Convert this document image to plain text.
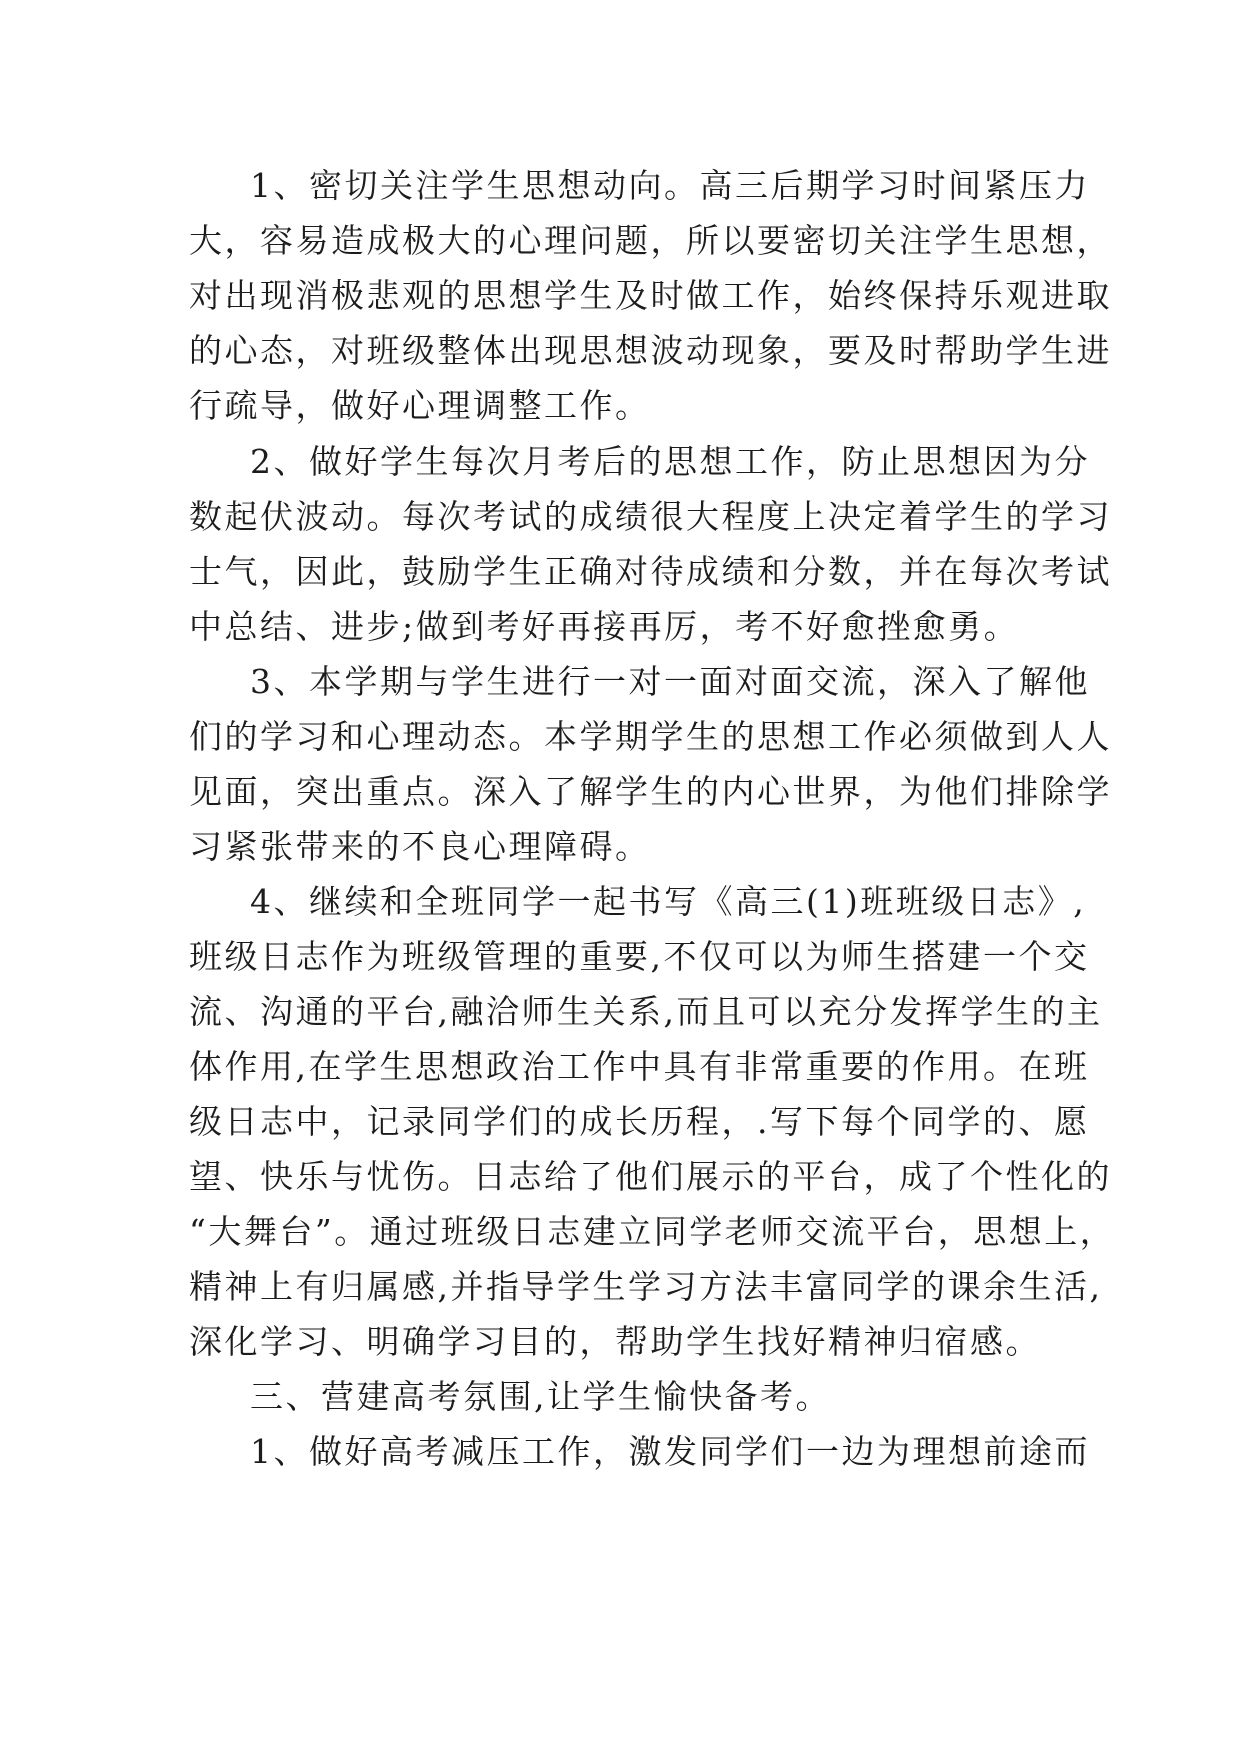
1、密切关注学生思想动向。高三后期学习时间紧压力
大，容易造成极大的心理问题，所以要密切关注学生思想，
对出现消极悲观的思想学生及时做工作，始终保持乐观进取
的心态，对班级整体出现思想波动现象，要及时帮助学生进
行疏导，做好心理调整工作。
2、做好学生每次月考后的思想工作，防止思想因为分
数起伏波动。每次考试的成绩很大程度上决定着学生的学习
士气，因此，鼓励学生正确对待成绩和分数，并在每次考试
中总结、进步;做到考好再接再厉，考不好愈挫愈勇。
3、本学期与学生进行一对一面对面交流，深入了解他
们的学习和心理动态。本学期学生的思想工作必须做到人人
见面，突出重点。深入了解学生的内心世界，为他们排除学
习紧张带来的不良心理障碍。
4、继续和全班同学一起书写《高三(1)班班级日志》,
班级日志作为班级管理的重要,不仅可以为师生搭建一个交
流、沟通的平台,融洽师生关系,而且可以充分发挥学生的主
体作用,在学生思想政治工作中具有非常重要的作用。在班
级日志中，记录同学们的成长历程，.写下每个同学的、愿
望、快乐与忧伤。日志给了他们展示的平台，成了个性化的
“大舞台”。通过班级日志建立同学老师交流平台，思想上，
精神上有归属感,并指导学生学习方法丰富同学的课余生活,
深化学习、明确学习目的，帮助学生找好精神归宿感。
三、营建高考氛围,让学生愉快备考。
1、做好高考减压工作，激发同学们一边为理想前途而
